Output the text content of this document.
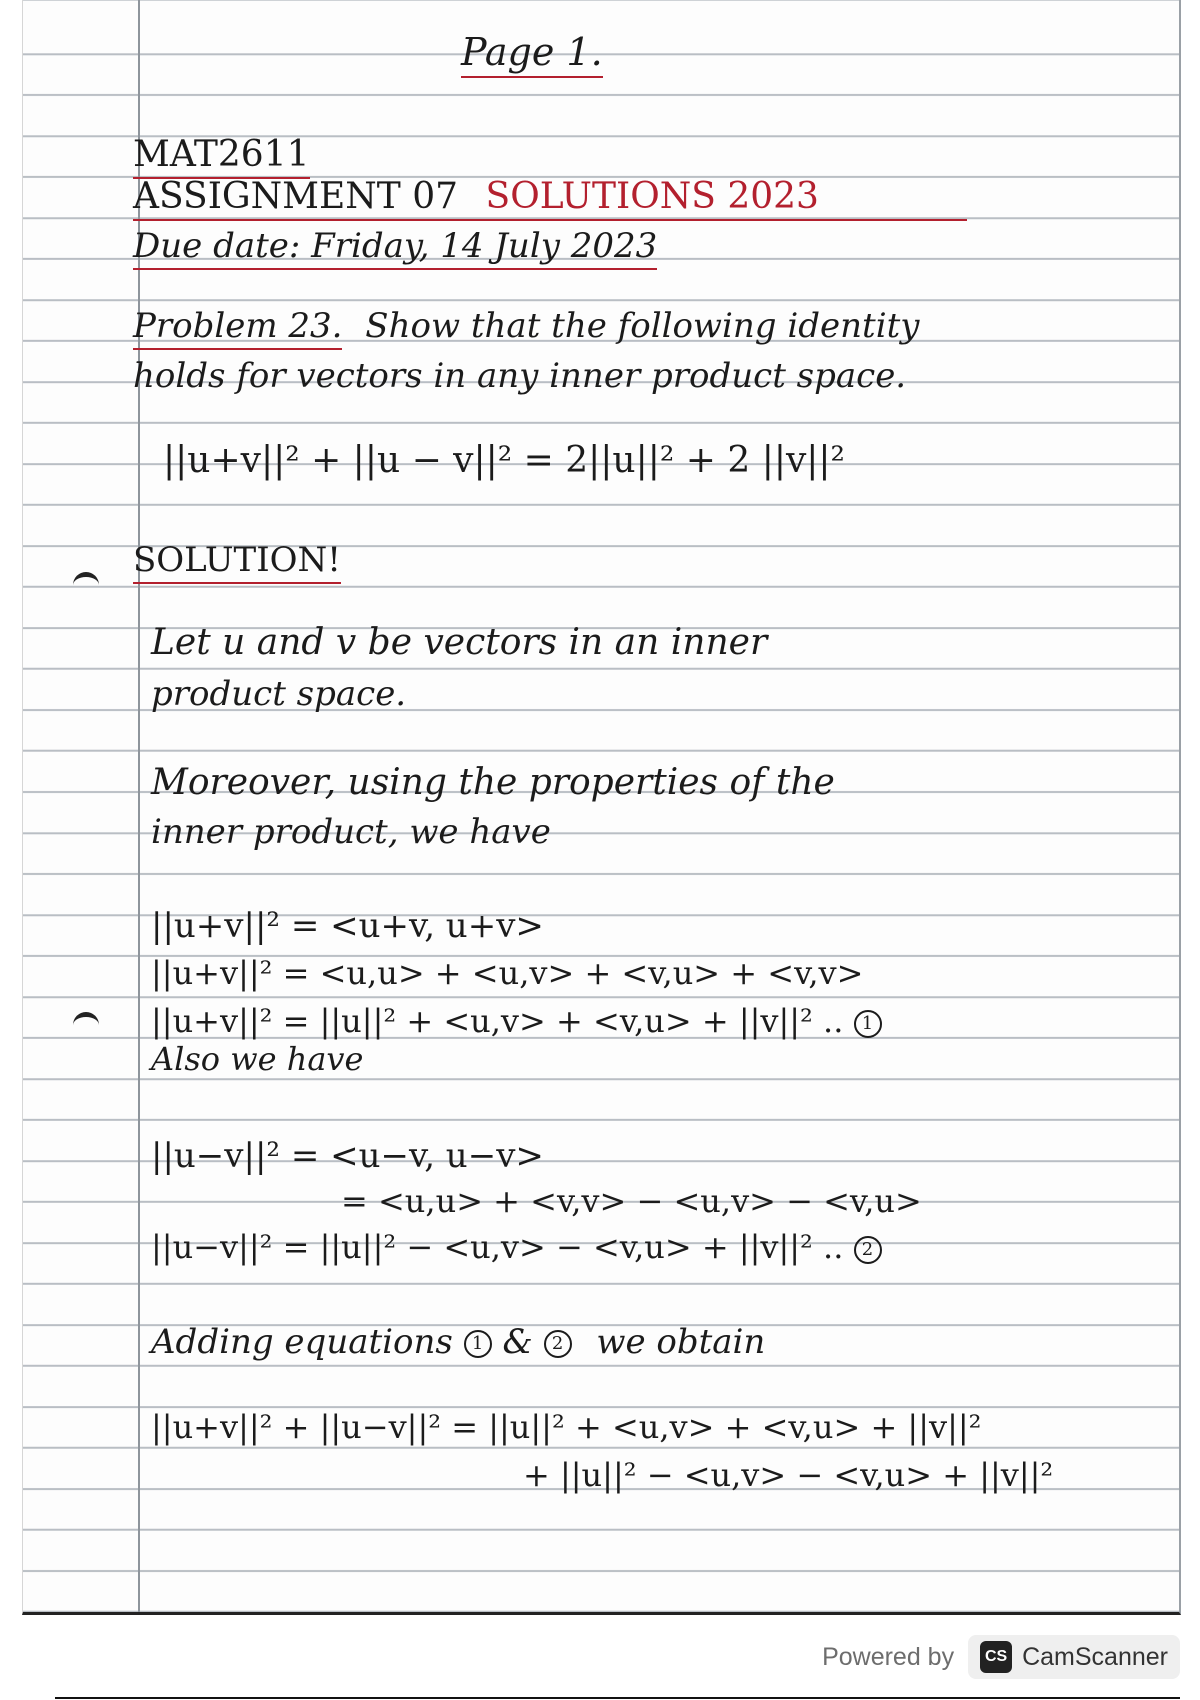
Page 1.
MAT2611
ASSIGNMENT 07 SOLUTIONS 2023
Due date: Friday, 14 July 2023
Problem 23. Show that the following identity
holds for vectors in any inner product space.
||u+v||² + ||u − v||² = 2||u||² + 2 ||v||²
SOLUTION!
Let u and v be vectors in an inner
product space.
Moreover, using the properties of the
inner product, we have
||u+v||² = <u+v, u+v>
||u+v||² = <u,u> + <u,v> + <v,u> + <v,v>
||u+v||² = ||u||² + <u,v> + <v,u> + ||v||² .. 1
Also we have
||u−v||² = <u−v, u−v>
= <u,u> + <v,v> − <u,v> − <v,u>
||u−v||² = ||u||² − <u,v> − <v,u> + ||v||² .. 2
Adding equations 1 & 2 we obtain
||u+v||² + ||u−v||² = ||u||² + <u,v> + <v,u> + ||v||²
+ ||u||² − <u,v> − <v,u> + ||v||²
Powered by	CS CamScanner
